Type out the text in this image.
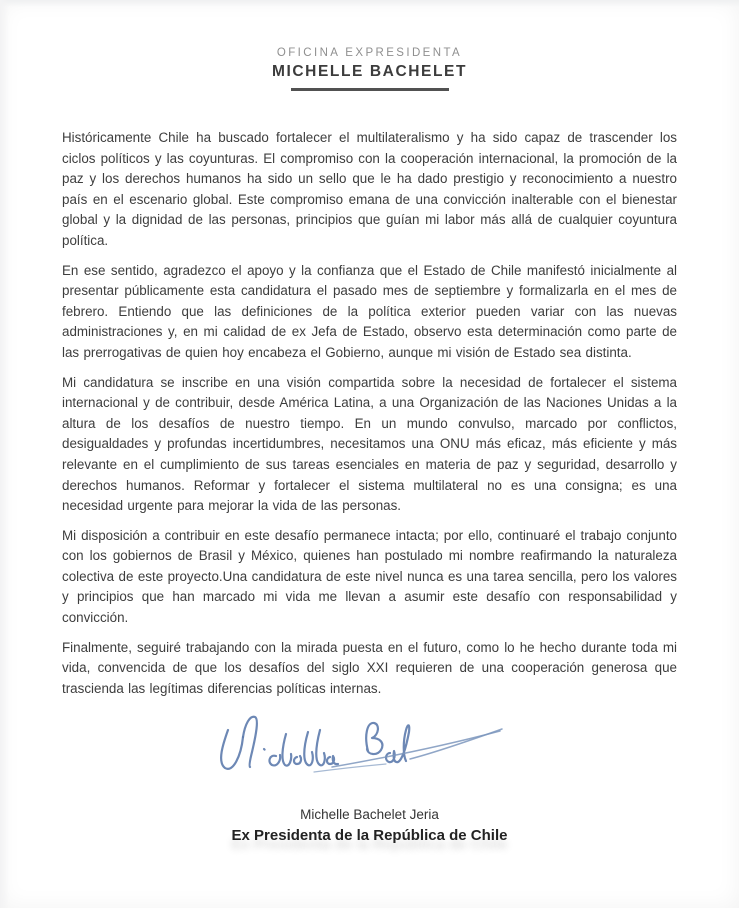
OFICINA EXPRESIDENTA
MICHELLE BACHELET

Históricamente Chile ha buscado fortalecer el multilateralismo y ha sido capaz de trascender los ciclos políticos y las coyunturas. El compromiso con la cooperación internacional, la promoción de la paz y los derechos humanos ha sido un sello que le ha dado prestigio y reconocimiento a nuestro país en el escenario global. Este compromiso emana de una convicción inalterable con el bienestar global y la dignidad de las personas, principios que guían mi labor más allá de cualquier coyuntura política.

En ese sentido, agradezco el apoyo y la confianza que el Estado de Chile manifestó inicialmente al presentar públicamente esta candidatura el pasado mes de septiembre y formalizarla en el mes de febrero. Entiendo que las definiciones de la política exterior pueden variar con las nuevas administraciones y, en mi calidad de ex Jefa de Estado, observo esta determinación como parte de las prerrogativas de quien hoy encabeza el Gobierno, aunque mi visión de Estado sea distinta.

Mi candidatura se inscribe en una visión compartida sobre la necesidad de fortalecer el sistema internacional y de contribuir, desde América Latina, a una Organización de las Naciones Unidas a la altura de los desafíos de nuestro tiempo. En un mundo convulso, marcado por conflictos, desigualdades y profundas incertidumbres, necesitamos una ONU más eficaz, más eficiente y más relevante en el cumplimiento de sus tareas esenciales en materia de paz y seguridad, desarrollo y derechos humanos. Reformar y fortalecer el sistema multilateral no es una consigna; es una necesidad urgente para mejorar la vida de las personas.

Mi disposición a contribuir en este desafío permanece intacta; por ello, continuaré el trabajo conjunto con los gobiernos de Brasil y México, quienes han postulado mi nombre reafirmando la naturaleza colectiva de este proyecto.Una candidatura de este nivel nunca es una tarea sencilla, pero los valores y principios que han marcado mi vida me llevan a asumir este desafío con responsabilidad y convicción.

Finalmente, seguiré trabajando con la mirada puesta en el futuro, como lo he hecho durante toda mi vida, convencida de que los desafíos del siglo XXI requieren de una cooperación generosa que trascienda las legítimas diferencias políticas internas.

Michelle Bachelet Jeria
Ex Presidenta de la República de Chile
